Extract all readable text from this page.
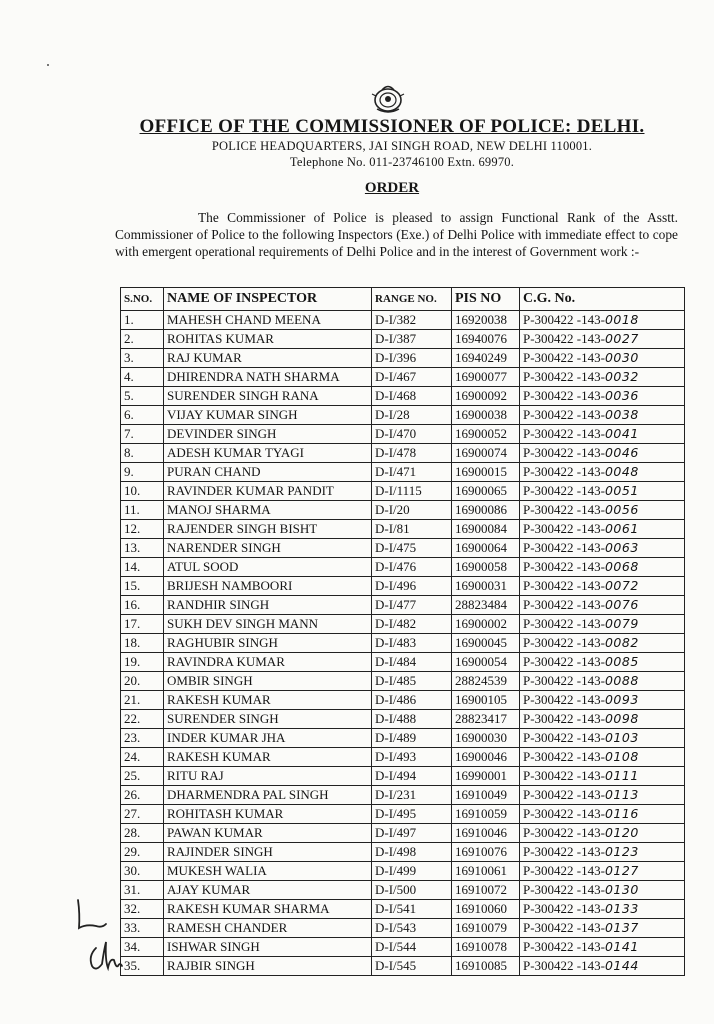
OFFICE OF THE COMMISSIONER OF POLICE: DELHI.
POLICE HEADQUARTERS, JAI SINGH ROAD, NEW DELHI 110001.
Telephone No. 011-23746100 Extn. 69970.
ORDER
The Commissioner of Police is pleased to assign Functional Rank of the Asstt. Commissioner of Police to the following Inspectors (Exe.) of Delhi Police with immediate effect to cope with emergent operational requirements of Delhi Police and in the interest of Government work :-
S.NO.	NAME OF INSPECTOR	RANGE NO.	PIS NO	C.G. No.
1.	MAHESH CHAND MEENA	D-I/382	16920038	P-300422 -143-0018
2.	ROHITAS KUMAR	D-I/387	16940076	P-300422 -143-0027
3.	RAJ KUMAR	D-I/396	16940249	P-300422 -143-0030
4.	DHIRENDRA NATH SHARMA	D-I/467	16900077	P-300422 -143-0032
5.	SURENDER SINGH RANA	D-I/468	16900092	P-300422 -143-0036
6.	VIJAY KUMAR SINGH	D-I/28	16900038	P-300422 -143-0038
7.	DEVINDER SINGH	D-I/470	16900052	P-300422 -143-0041
8.	ADESH KUMAR TYAGI	D-I/478	16900074	P-300422 -143-0046
9.	PURAN CHAND	D-I/471	16900015	P-300422 -143-0048
10.	RAVINDER KUMAR PANDIT	D-I/1115	16900065	P-300422 -143-0051
11.	MANOJ SHARMA	D-I/20	16900086	P-300422 -143-0056
12.	RAJENDER SINGH BISHT	D-I/81	16900084	P-300422 -143-0061
13.	NARENDER SINGH	D-I/475	16900064	P-300422 -143-0063
14.	ATUL SOOD	D-I/476	16900058	P-300422 -143-0068
15.	BRIJESH NAMBOORI	D-I/496	16900031	P-300422 -143-0072
16.	RANDHIR SINGH	D-I/477	28823484	P-300422 -143-0076
17.	SUKH DEV SINGH MANN	D-I/482	16900002	P-300422 -143-0079
18.	RAGHUBIR SINGH	D-I/483	16900045	P-300422 -143-0082
19.	RAVINDRA KUMAR	D-I/484	16900054	P-300422 -143-0085
20.	OMBIR SINGH	D-I/485	28824539	P-300422 -143-0088
21.	RAKESH KUMAR	D-I/486	16900105	P-300422 -143-0093
22.	SURENDER SINGH	D-I/488	28823417	P-300422 -143-0098
23.	INDER KUMAR JHA	D-I/489	16900030	P-300422 -143-0103
24.	RAKESH KUMAR	D-I/493	16900046	P-300422 -143-0108
25.	RITU RAJ	D-I/494	16990001	P-300422 -143-0111
26.	DHARMENDRA PAL SINGH	D-I/231	16910049	P-300422 -143-0113
27.	ROHITASH KUMAR	D-I/495	16910059	P-300422 -143-0116
28.	PAWAN KUMAR	D-I/497	16910046	P-300422 -143-0120
29.	RAJINDER SINGH	D-I/498	16910076	P-300422 -143-0123
30.	MUKESH WALIA	D-I/499	16910061	P-300422 -143-0127
31.	AJAY KUMAR	D-I/500	16910072	P-300422 -143-0130
32.	RAKESH KUMAR SHARMA	D-I/541	16910060	P-300422 -143-0133
33.	RAMESH CHANDER	D-I/543	16910079	P-300422 -143-0137
34.	ISHWAR SINGH	D-I/544	16910078	P-300422 -143-0141
35.	RAJBIR SINGH	D-I/545	16910085	P-300422 -143-0144
